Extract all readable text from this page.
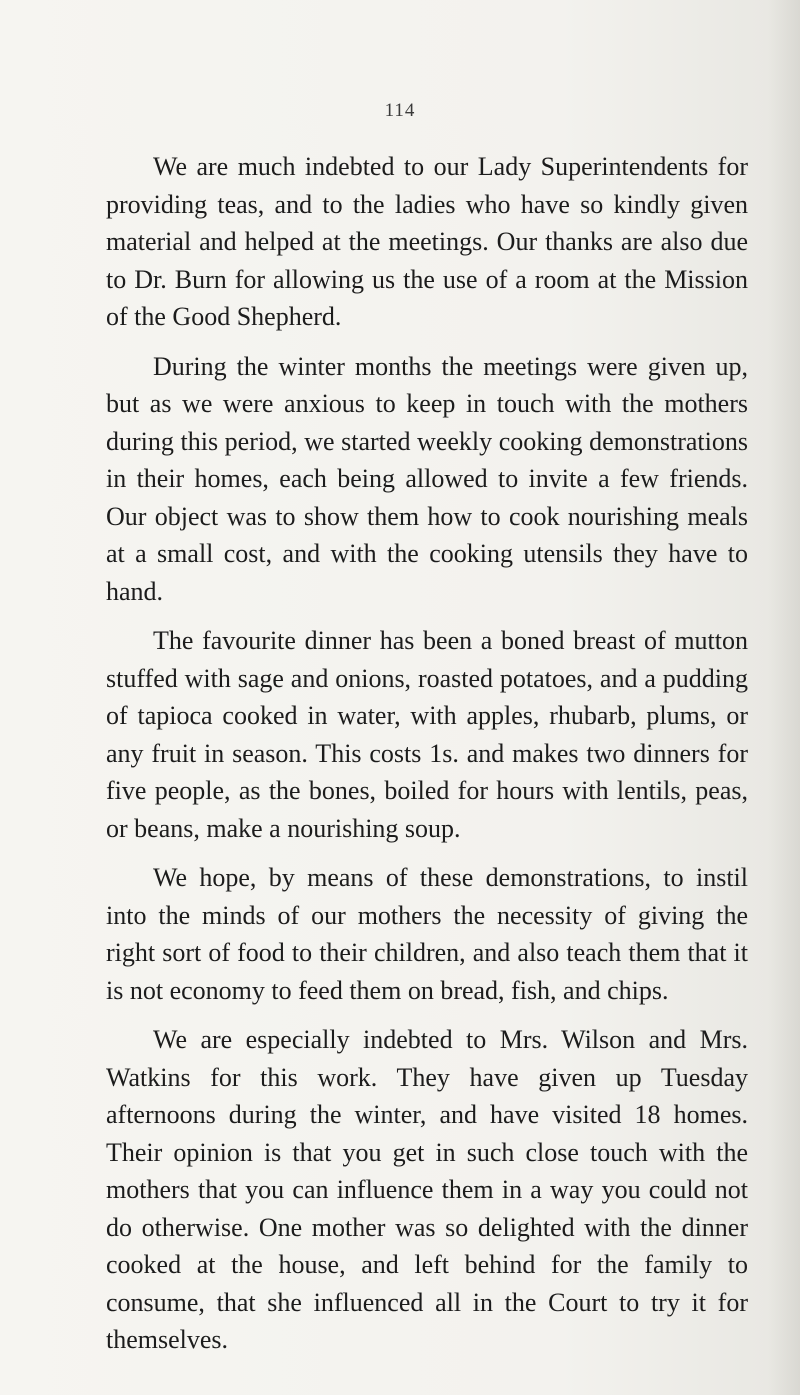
114

We are much indebted to our Lady Superintendents for providing teas, and to the ladies who have so kindly given material and helped at the meetings. Our thanks are also due to Dr. Burn for allowing us the use of a room at the Mission of the Good Shepherd.

During the winter months the meetings were given up, but as we were anxious to keep in touch with the mothers during this period, we started weekly cooking demonstrations in their homes, each being allowed to invite a few friends. Our object was to show them how to cook nourishing meals at a small cost, and with the cooking utensils they have to hand.

The favourite dinner has been a boned breast of mutton stuffed with sage and onions, roasted potatoes, and a pudding of tapioca cooked in water, with apples, rhubarb, plums, or any fruit in season. This costs 1s. and makes two dinners for five people, as the bones, boiled for hours with lentils, peas, or beans, make a nourishing soup.

We hope, by means of these demonstrations, to instil into the minds of our mothers the necessity of giving the right sort of food to their children, and also teach them that it is not economy to feed them on bread, fish, and chips.

We are especially indebted to Mrs. Wilson and Mrs. Watkins for this work. They have given up Tuesday afternoons during the winter, and have visited 18 homes. Their opinion is that you get in such close touch with the mothers that you can influence them in a way you could not do otherwise. One mother was so delighted with the dinner cooked at the house, and left behind for the family to consume, that she influenced all in the Court to try it for themselves.
